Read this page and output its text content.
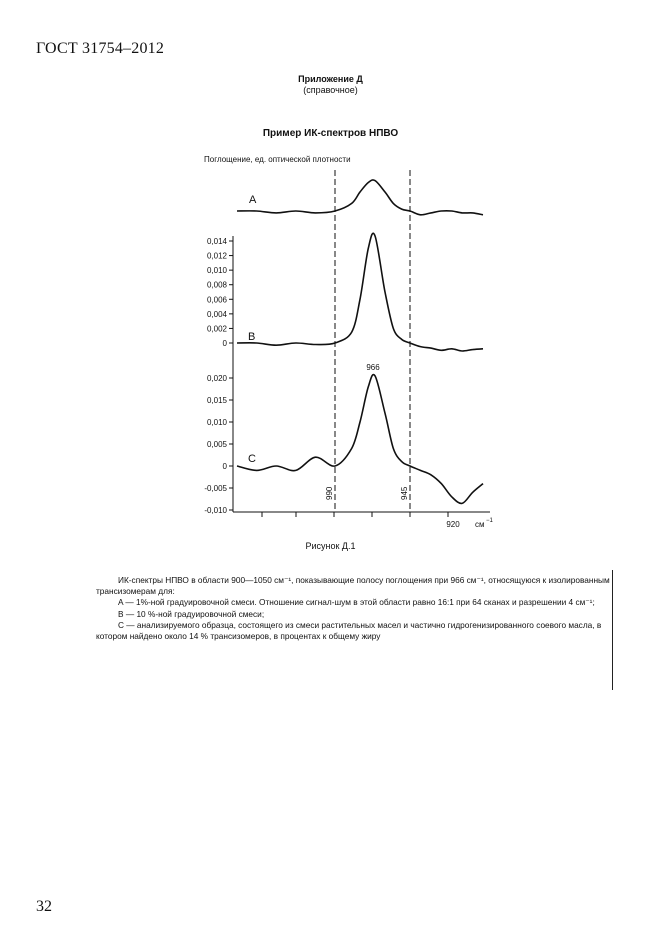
ГОСТ 31754–2012
Приложение Д
(справочное)
Пример ИК-спектров НПВО
Поглощение, ед. оптической плотности
0,014
0,012
0,010
0,008
0,006
0,004
0,002
0
0,020
0,015
0,010
0,005
0
-0,005
-0,010
920 см −1
990	945
A
B
C
966
Рисунок Д.1

ИК-спектры НПВО в области 900—1050 см⁻¹, показывающие полосу поглощения при 966 см⁻¹, относящуюся к изолированным трансизомерам для:

A — 1%-ной градуировочной смеси. Отношение сигнал-шум в этой области равно 16:1 при 64 сканах и разрешении 4 см⁻¹;

B — 10 %-ной градуировочной смеси;

C — анализируемого образца, состоящего из смеси растительных масел и частично гидрогенизированного соевого масла, в котором найдено около 14 % трансизомеров, в процентах к общему жиру

32
